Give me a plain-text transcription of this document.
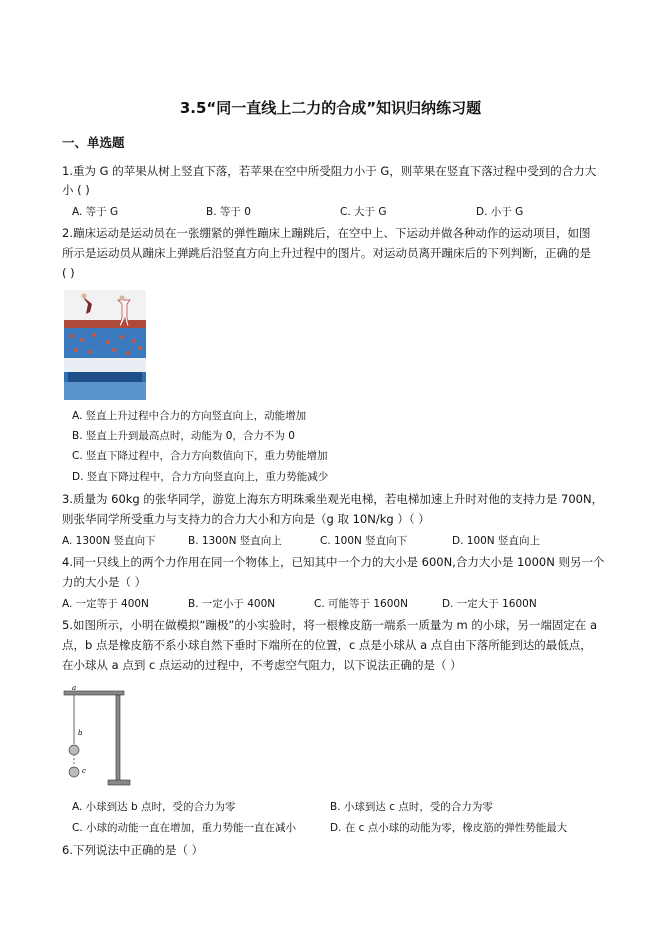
3.5“同一直线上二力的合成”知识归纳练习题
一、单选题
1.重为 G 的苹果从树上竖直下落，若苹果在空中所受阻力小于 G，则苹果在竖直下落过程中受到的合力大
小 ( )
A. 等于 G	B. 等于 0	C. 大于 G	D. 小于 G
2.蹦床运动是运动员在一张绷紧的弹性蹦床上蹦跳后，在空中上、下运动并做各种动作的运动项目，如图
所示是运动员从蹦床上弹跳后沿竖直方向上升过程中的图片。对运动员离开蹦床后的下列判断，正确的是
( )
A. 竖直上升过程中合力的方向竖直向上，动能增加
B. 竖直上升到最高点时，动能为 0，合力不为 0
C. 竖直下降过程中，合力方向数值向下，重力势能增加
D. 竖直下降过程中，合力方向竖直向上，重力势能减少
3.质量为 60kg 的张华同学，游览上海东方明珠乘坐观光电梯，若电梯加速上升时对他的支持力是 700N，
则张华同学所受重力与支持力的合力大小和方向是（g 取 10N/kg ）（ ）
A. 1300N 竖直向下	B. 1300N 竖直向上	C. 100N 竖直向下	D. 100N 竖直向上
4.同一只线上的两个力作用在同一个物体上，已知其中一个力的大小是 600N,合力大小是 1000N 则另一个
力的大小是（ ）
A. 一定等于 400N	B. 一定小于 400N	C. 可能等于 1600N	D. 一定大于 1600N
5.如图所示，小明在做模拟“蹦极”的小实验时，将一根橡皮筋一端系一质量为 m 的小球，另一端固定在 a
点，b 点是橡皮筋不系小球自然下垂时下端所在的位置，c 点是小球从 a 点自由下落所能到达的最低点，
在小球从 a 点到 c 点运动的过程中，不考虑空气阻力，以下说法正确的是（ ）
a
b
c
A. 小球到达 b 点时，受的合力为零	B. 小球到达 c 点时，受的合力为零
C. 小球的动能一直在增加，重力势能一直在减小	D. 在 c 点小球的动能为零，橡皮筋的弹性势能最大
6.下列说法中正确的是（ ）
